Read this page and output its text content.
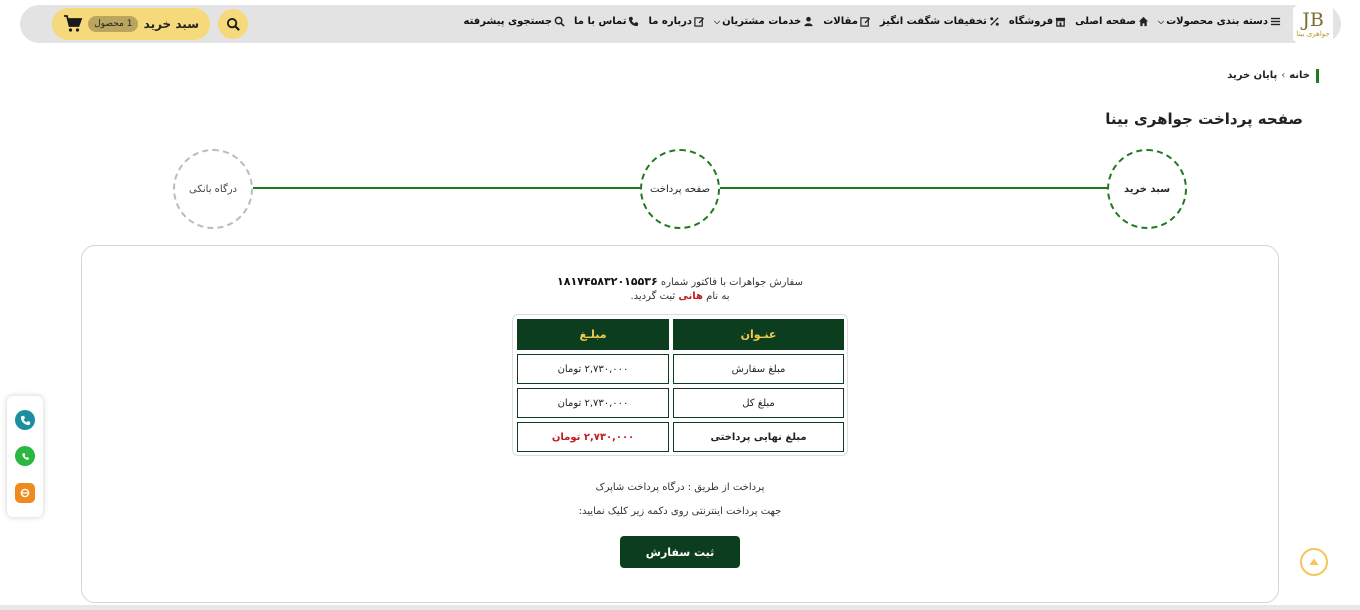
JB
جواهری بینا
دسته بندی محصولات
⌵
صفحه اصلی
فروشگاه
تخفیفات شگفت انگیز
مقالات
خدمات مشتریان
⌵
درباره ما
تماس با ما
جستجوی پیشرفته
سبد خرید
1 محصول
خانه
›
پایان خرید
صفحه پرداخت جواهری بینا
سبد خرید
صفحه پرداخت
درگاه بانکی
سفارش جواهرات با فاکتور شماره ۱۸۱۷۴۵۸۳۲۰۱۵۵۳۶
به نام هانی ثبت گردید.
مبلـغ	عنـوان
۲,۷۳۰,۰۰۰ تومان	مبلغ سفارش
۲,۷۳۰,۰۰۰ تومان	مبلغ کل
۲,۷۳۰,۰۰۰ تومان	مبلغ نهایی پرداختی
پرداخت از طریق : درگاه پرداخت شاپرک
جهت پرداخت اینترنتی روی دکمه زیر کلیک نمایید:
ثبت سفارش
